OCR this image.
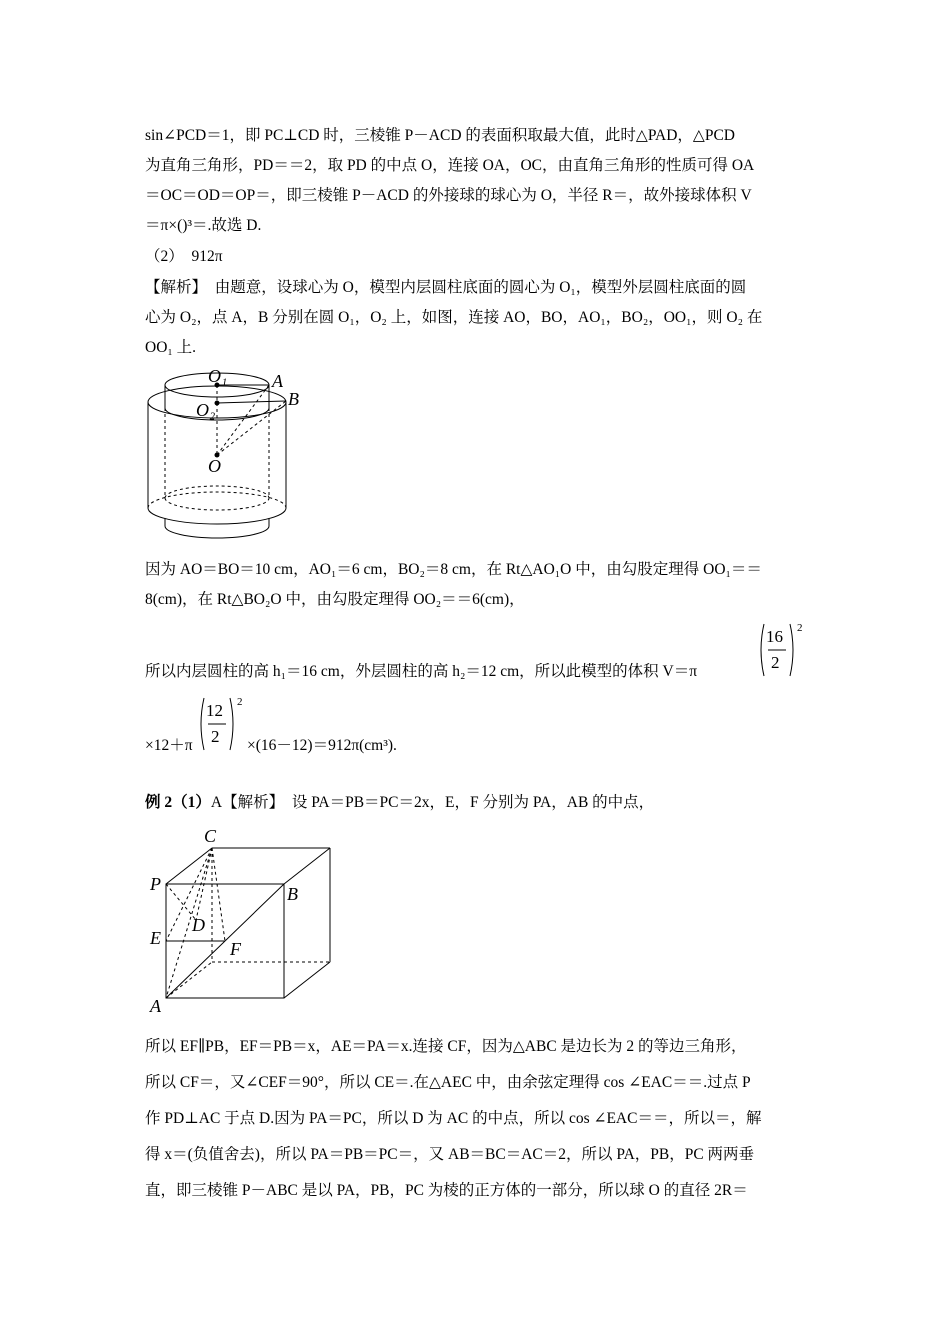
sin∠PCD＝1，即 PC⊥CD 时，三棱锥 P－ACD 的表面积取最大值，此时△PAD，△PCD
为直角三角形，PD＝＝2，取 PD 的中点 O，连接 OA，OC，由直角三角形的性质可得 OA
＝OC＝OD＝OP＝，即三棱锥 P－ACD 的外接球的球心为 O，半径 R＝，故外接球体积 V
＝π×()³＝.故选 D.
（2）　912π
【解析】　由题意，设球心为 O，模型内层圆柱底面的圆心为 O₁，模型外层圆柱底面的圆
心为 O₂，点 A，B 分别在圆 O₁，O₂ 上，如图，连接 AO，BO，AO₁，BO₂，OO₁，则 O₂ 在
OO₁ 上.
O₁
O₂
A
B
O
因为 AO＝BO＝10 cm，AO₁＝6 cm，BO₂＝8 cm，在 Rt△AO₁O 中，由勾股定理得 OO₁＝＝
8(cm)，在 Rt△BO₂O 中，由勾股定理得 OO₂＝＝6(cm)，
所以内层圆柱的高 h₁＝16 cm，外层圆柱的高 h₂＝12 cm，所以此模型的体积 V＝π
16
2
2
×12＋π
12
2
2
×(16－12)＝912π(cm³).
例 2（1）A【解析】　设 PA＝PB＝PC＝2x，E，F 分别为 PA，AB 的中点，
C
P	B
E
D
F
A
所以 EF∥PB，EF＝PB＝x，AE＝PA＝x.连接 CF，因为△ABC 是边长为 2 的等边三角形，
所以 CF＝，又∠CEF＝90°，所以 CE＝.在△AEC 中，由余弦定理得 cos ∠EAC＝＝.过点 P
作 PD⊥AC 于点 D.因为 PA＝PC，所以 D 为 AC 的中点，所以 cos ∠EAC＝＝，所以＝，解
得 x＝(负值舍去)，所以 PA＝PB＝PC＝，又 AB＝BC＝AC＝2，所以 PA，PB，PC 两两垂
直，即三棱锥 P－ABC 是以 PA，PB，PC 为棱的正方体的一部分，所以球 O 的直径 2R＝
